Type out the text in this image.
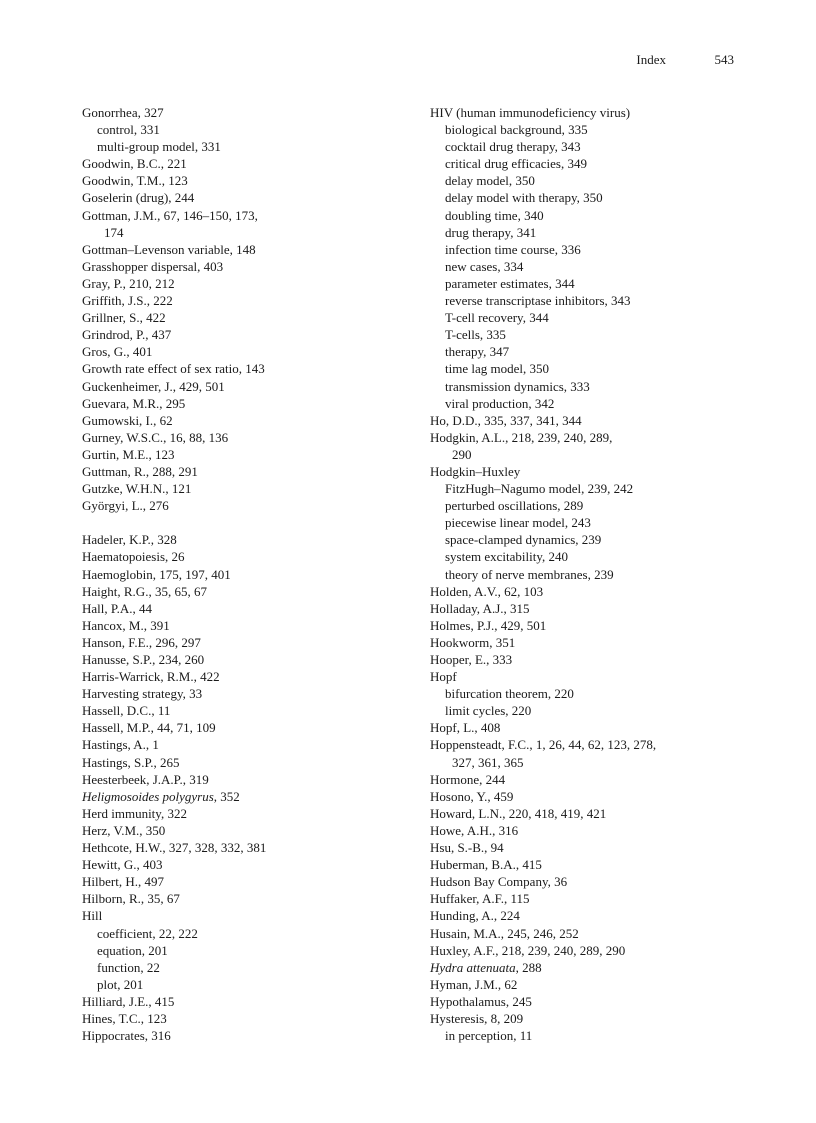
Index	543
Gonorrhea, 327
control, 331
multi-group model, 331
Goodwin, B.C., 221
Goodwin, T.M., 123
Goselerin (drug), 244
Gottman, J.M., 67, 146–150, 173,
174
Gottman–Levenson variable, 148
Grasshopper dispersal, 403
Gray, P., 210, 212
Griffith, J.S., 222
Grillner, S., 422
Grindrod, P., 437
Gros, G., 401
Growth rate effect of sex ratio, 143
Guckenheimer, J., 429, 501
Guevara, M.R., 295
Gumowski, I., 62
Gurney, W.S.C., 16, 88, 136
Gurtin, M.E., 123
Guttman, R., 288, 291
Gutzke, W.H.N., 121
Györgyi, L., 276
Hadeler, K.P., 328
Haematopoiesis, 26
Haemoglobin, 175, 197, 401
Haight, R.G., 35, 65, 67
Hall, P.A., 44
Hancox, M., 391
Hanson, F.E., 296, 297
Hanusse, S.P., 234, 260
Harris-Warrick, R.M., 422
Harvesting strategy, 33
Hassell, D.C., 11
Hassell, M.P., 44, 71, 109
Hastings, A., 1
Hastings, S.P., 265
Heesterbeek, J.A.P., 319
Heligmosoides polygyrus, 352
Herd immunity, 322
Herz, V.M., 350
Hethcote, H.W., 327, 328, 332, 381
Hewitt, G., 403
Hilbert, H., 497
Hilborn, R., 35, 67
Hill
coefficient, 22, 222
equation, 201
function, 22
plot, 201
Hilliard, J.E., 415
Hines, T.C., 123
Hippocrates, 316
HIV (human immunodeficiency virus)
biological background, 335
cocktail drug therapy, 343
critical drug efficacies, 349
delay model, 350
delay model with therapy, 350
doubling time, 340
drug therapy, 341
infection time course, 336
new cases, 334
parameter estimates, 344
reverse transcriptase inhibitors, 343
T-cell recovery, 344
T-cells, 335
therapy, 347
time lag model, 350
transmission dynamics, 333
viral production, 342
Ho, D.D., 335, 337, 341, 344
Hodgkin, A.L., 218, 239, 240, 289,
290
Hodgkin–Huxley
FitzHugh–Nagumo model, 239, 242
perturbed oscillations, 289
piecewise linear model, 243
space-clamped dynamics, 239
system excitability, 240
theory of nerve membranes, 239
Holden, A.V., 62, 103
Holladay, A.J., 315
Holmes, P.J., 429, 501
Hookworm, 351
Hooper, E., 333
Hopf
bifurcation theorem, 220
limit cycles, 220
Hopf, L., 408
Hoppensteadt, F.C., 1, 26, 44, 62, 123, 278,
327, 361, 365
Hormone, 244
Hosono, Y., 459
Howard, L.N., 220, 418, 419, 421
Howe, A.H., 316
Hsu, S.-B., 94
Huberman, B.A., 415
Hudson Bay Company, 36
Huffaker, A.F., 115
Hunding, A., 224
Husain, M.A., 245, 246, 252
Huxley, A.F., 218, 239, 240, 289, 290
Hydra attenuata, 288
Hyman, J.M., 62
Hypothalamus, 245
Hysteresis, 8, 209
in perception, 11
